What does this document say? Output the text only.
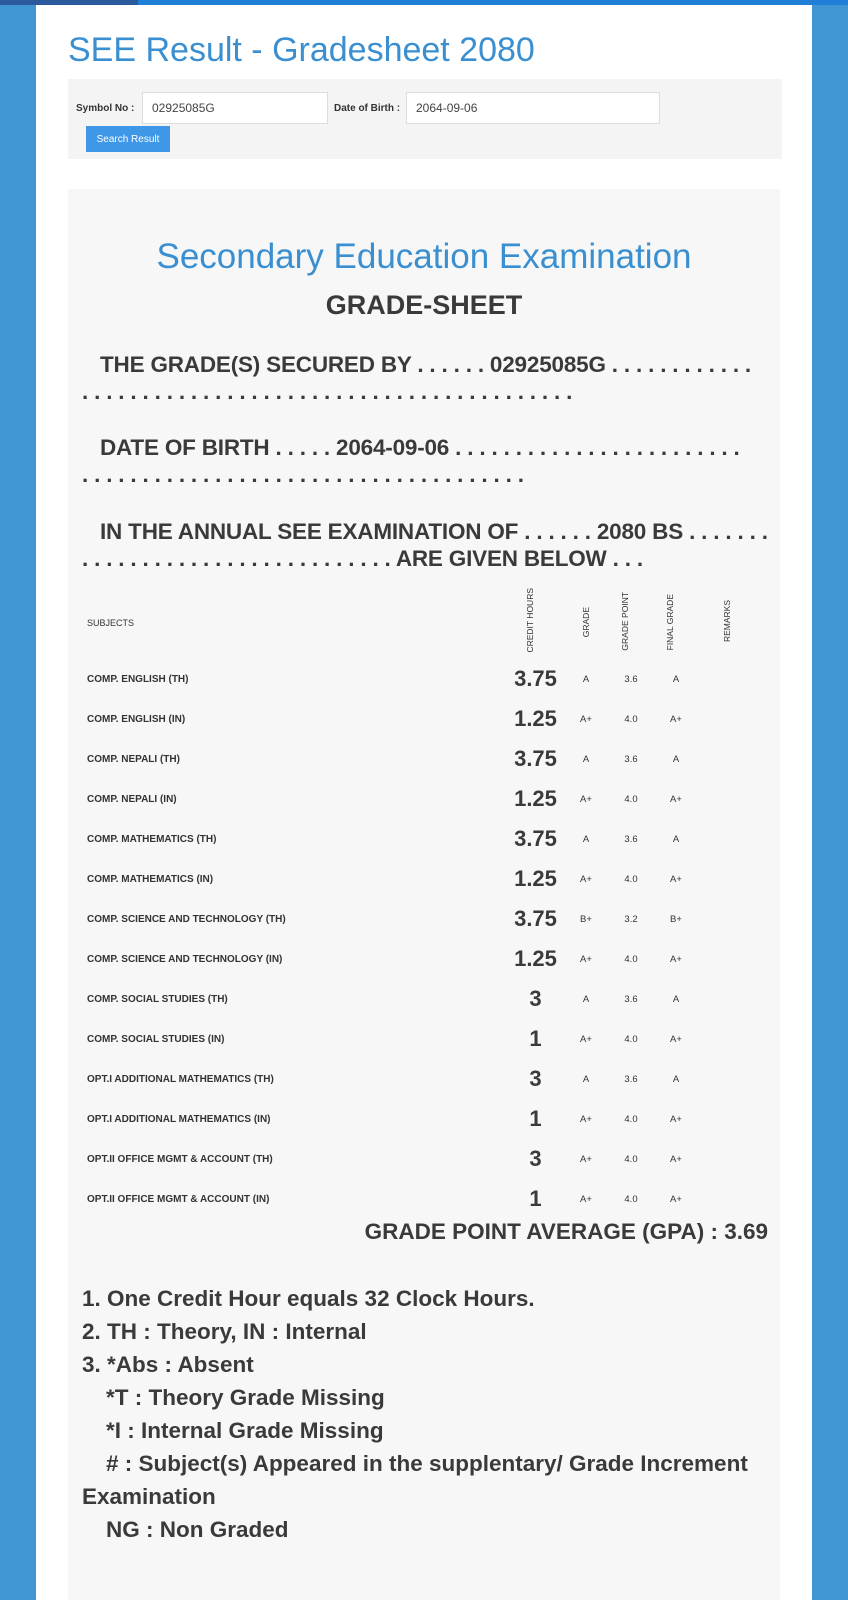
SEE Result - Gradesheet 2080
Symbol No :
02925085G	Date of Birth :
2064-09-06
Search Result
Secondary Education Examination
GRADE-SHEET

THE GRADE(S) SECURED BY . . . . . . 02925085G . . . . . . . . . . . .
. . . . . . . . . . . . . . . . . . . . . . . . . . . . . . . . . . . . . . . . .

DATE OF BIRTH . . . . . 2064-09-06 . . . . . . . . . . . . . . . . . . . . . . . .
. . . . . . . . . . . . . . . . . . . . . . . . . . . . . . . . . . . . .

IN THE ANNUAL SEE EXAMINATION OF . . . . . . 2080 BS . . . . . . .
. . . . . . . . . . . . . . . . . . . . . . . . . . ARE GIVEN BELOW . . .

SUBJECTS	CREDIT HOURS	GRADE	GRADE POINT	FINAL GRADE	REMARKS
COMP. ENGLISH (TH)	3.75	A	3.6	A	
COMP. ENGLISH (IN)	1.25	A+	4.0	A+	
COMP. NEPALI (TH)	3.75	A	3.6	A	
COMP. NEPALI (IN)	1.25	A+	4.0	A+	
COMP. MATHEMATICS (TH)	3.75	A	3.6	A	
COMP. MATHEMATICS (IN)	1.25	A+	4.0	A+	
COMP. SCIENCE AND TECHNOLOGY (TH)	3.75	B+	3.2	B+	
COMP. SCIENCE AND TECHNOLOGY (IN)	1.25	A+	4.0	A+	
COMP. SOCIAL STUDIES (TH)	3	A	3.6	A	
COMP. SOCIAL STUDIES (IN)	1	A+	4.0	A+	
OPT.I ADDITIONAL MATHEMATICS (TH)	3	A	3.6	A	
OPT.I ADDITIONAL MATHEMATICS (IN)	1	A+	4.0	A+	
OPT.II OFFICE MGMT & ACCOUNT (TH)	3	A+	4.0	A+	
OPT.II OFFICE MGMT & ACCOUNT (IN)	1	A+	4.0	A+	

GRADE POINT AVERAGE (GPA) : 3.69

1. One Credit Hour equals 32 Clock Hours.
2. TH : Theory, IN : Internal
3. *Abs : Absent
*T : Theory Grade Missing
*I : Internal Grade Missing
# : Subject(s) Appeared in the supplentary/ Grade Increment
Examination
NG : Non Graded
